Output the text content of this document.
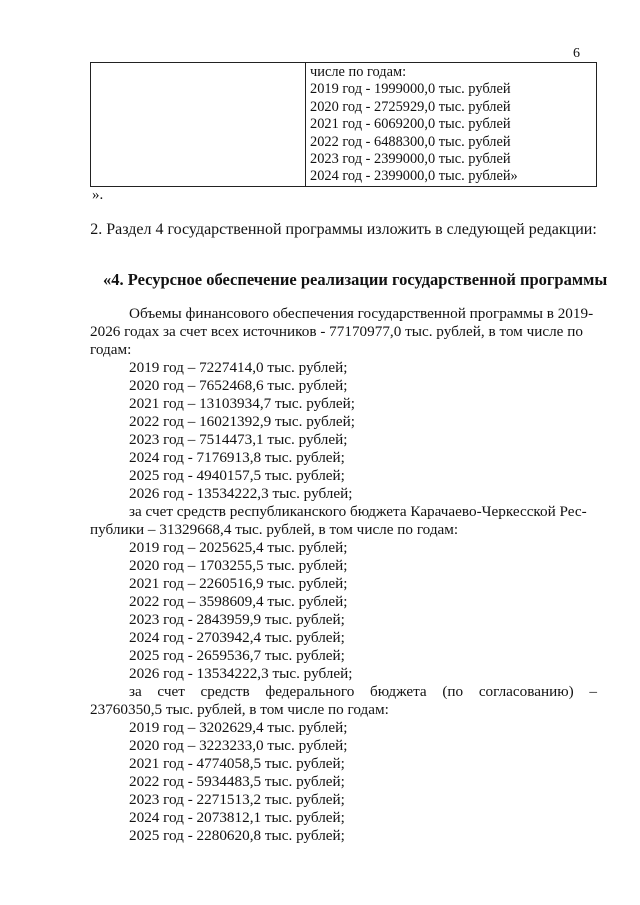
6

числе по годам:
2019 год - 1999000,0 тыс. рублей
2020 год - 2725929,0 тыс. рублей
2021 год - 6069200,0 тыс. рублей
2022 год - 6488300,0 тыс. рублей
2023 год - 2399000,0 тыс. рублей
2024 год - 2399000,0 тыс. рублей»
».
2. Раздел 4 государственной программы изложить в следующей редакции:
«4. Ресурсное обеспечение реализации государственной программы
Объемы финансового обеспечения государственной программы в 2019-
2026 годах за счет всех источников - 77170977,0 тыс. рублей, в том числе по
годам:
2019 год – 7227414,0 тыс. рублей;
2020 год – 7652468,6 тыс. рублей;
2021 год – 13103934,7 тыс. рублей;
2022 год – 16021392,9 тыс. рублей;
2023 год – 7514473,1 тыс. рублей;
2024 год - 7176913,8 тыс. рублей;
2025 год - 4940157,5 тыс. рублей;
2026 год - 13534222,3 тыс. рублей;
за счет средств республиканского бюджета Карачаево-Черкесской Рес-
публики – 31329668,4 тыс. рублей, в том числе по годам:
2019 год – 2025625,4 тыс. рублей;
2020 год – 1703255,5 тыс. рублей;
2021 год – 2260516,9 тыс. рублей;
2022 год – 3598609,4 тыс. рублей;
2023 год - 2843959,9 тыс. рублей;
2024 год - 2703942,4 тыс. рублей;
2025 год - 2659536,7 тыс. рублей;
2026 год - 13534222,3 тыс. рублей;
за счет средств федерального бюджета (по согласованию) –
23760350,5 тыс. рублей, в том числе по годам:
2019 год – 3202629,4 тыс. рублей;
2020 год – 3223233,0 тыс. рублей;
2021 год - 4774058,5 тыс. рублей;
2022 год - 5934483,5 тыс. рублей;
2023 год - 2271513,2 тыс. рублей;
2024 год - 2073812,1 тыс. рублей;
2025 год - 2280620,8 тыс. рублей;
